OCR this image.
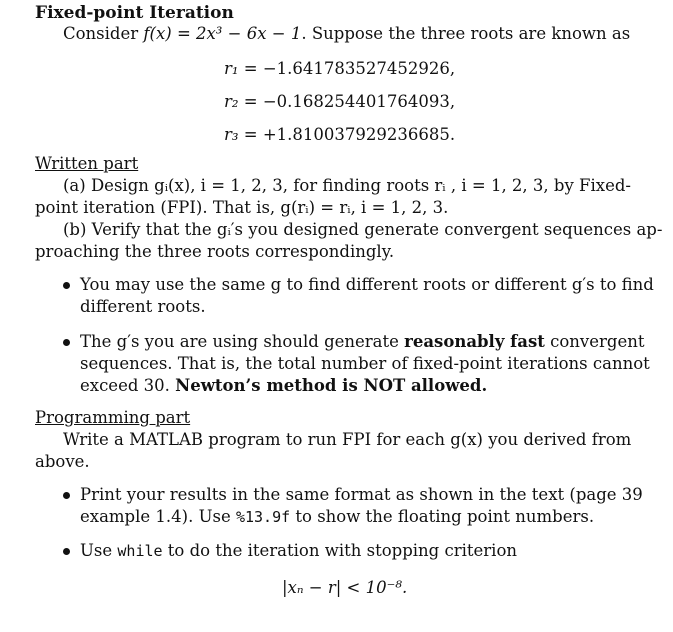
Fixed-point Iteration
Consider f(x) = 2x³ − 6x − 1. Suppose the three roots are known as
r₁ = −1.641783527452926,
r₂ = −0.168254401764093,
r₃ = +1.810037929236685.
Written part
(a) Design gᵢ(x), i = 1, 2, 3, for finding roots rᵢ , i = 1, 2, 3, by Fixed-
point iteration (FPI). That is, g(rᵢ) = rᵢ, i = 1, 2, 3.
(b) Verify that the gᵢ′s you designed generate convergent sequences ap-
proaching the three roots correspondingly.
You may use the same g to find different roots or different g′s to find
different roots.
The g′s you are using should generate reasonably fast convergent
sequences. That is, the total number of fixed-point iterations cannot
exceed 30. Newton’s method is NOT allowed.
Programming part
Write a MATLAB program to run FPI for each g(x) you derived from
above.
Print your results in the same format as shown in the text (page 39
example 1.4). Use %13.9f to show the floating point numbers.
Use while to do the iteration with stopping criterion
|xₙ − r| < 10⁻⁸.
